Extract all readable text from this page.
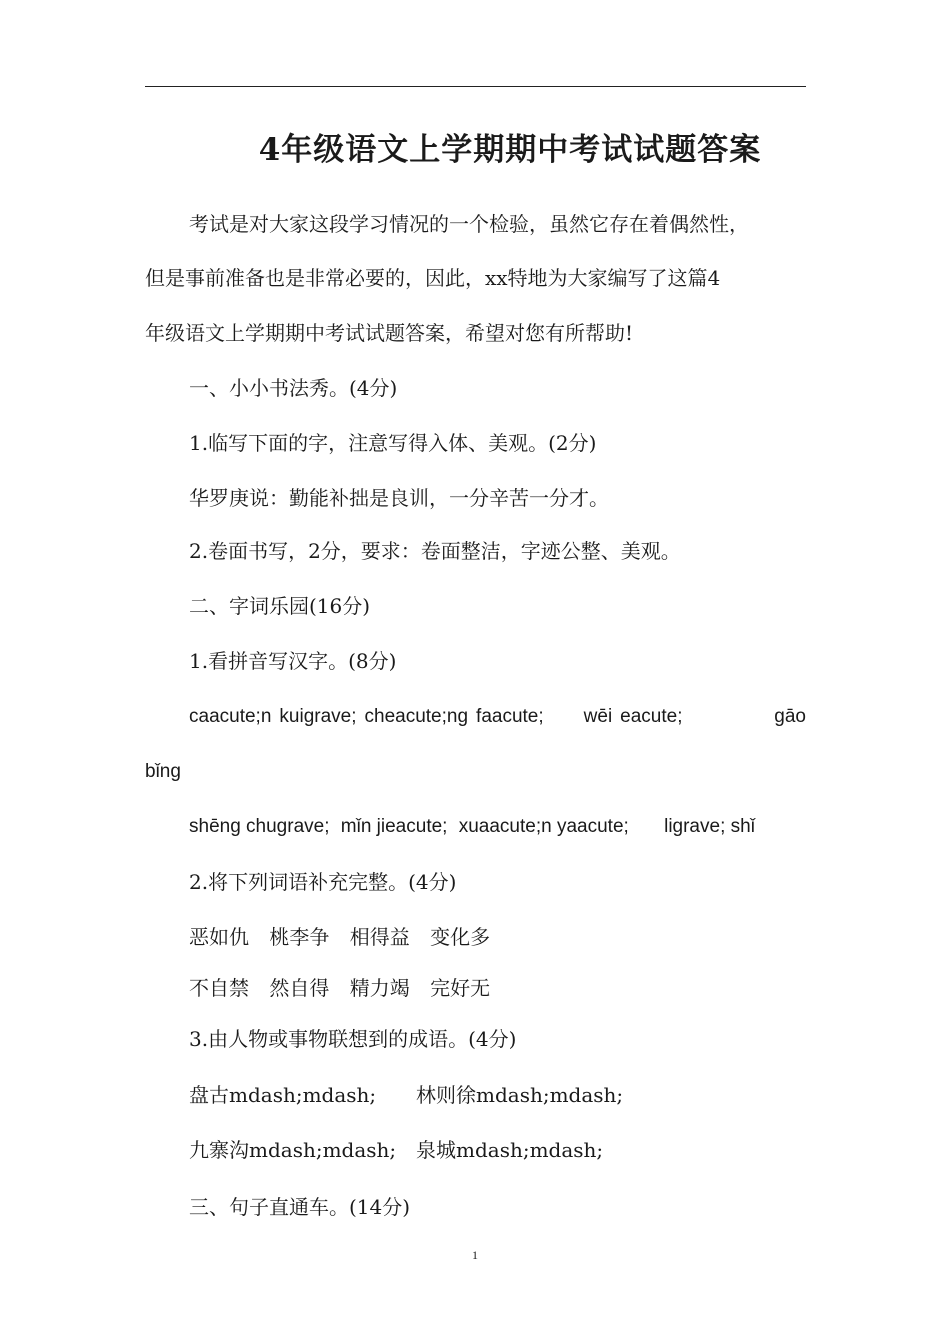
4年级语文上学期期中考试试题答案
考试是对大家这段学习情况的一个检验，虽然它存在着偶然性，
但是事前准备也是非常必要的，因此，xx特地为大家编写了这篇4
年级语文上学期期中考试试题答案，希望对您有所帮助!
一、小小书法秀。(4分)
1.临写下面的字，注意写得入体、美观。(2分)
华罗庚说：勤能补拙是良训，一分辛苦一分才。
2.卷面书写，2分，要求：卷面整洁，字迹公整、美观。
二、字词乐园(16分)
1.看拼音写汉字。(8分)
caacute;n kuigrave; cheacute;ng faacute; wēi eacute;	gāo
bǐng
shēng chugrave; mǐn jieacute; xuaacute;n yaacute; ligrave; shǐ
2.将下列词语补充完整。(4分)
恶如仇 桃李争 相得益 变化多
不自禁 然自得 精力竭 完好无
3.由人物或事物联想到的成语。(4分)
盘古mdash;mdash; 林则徐mdash;mdash;
九寨沟mdash;mdash; 泉城mdash;mdash;
三、句子直通车。(14分)
1
